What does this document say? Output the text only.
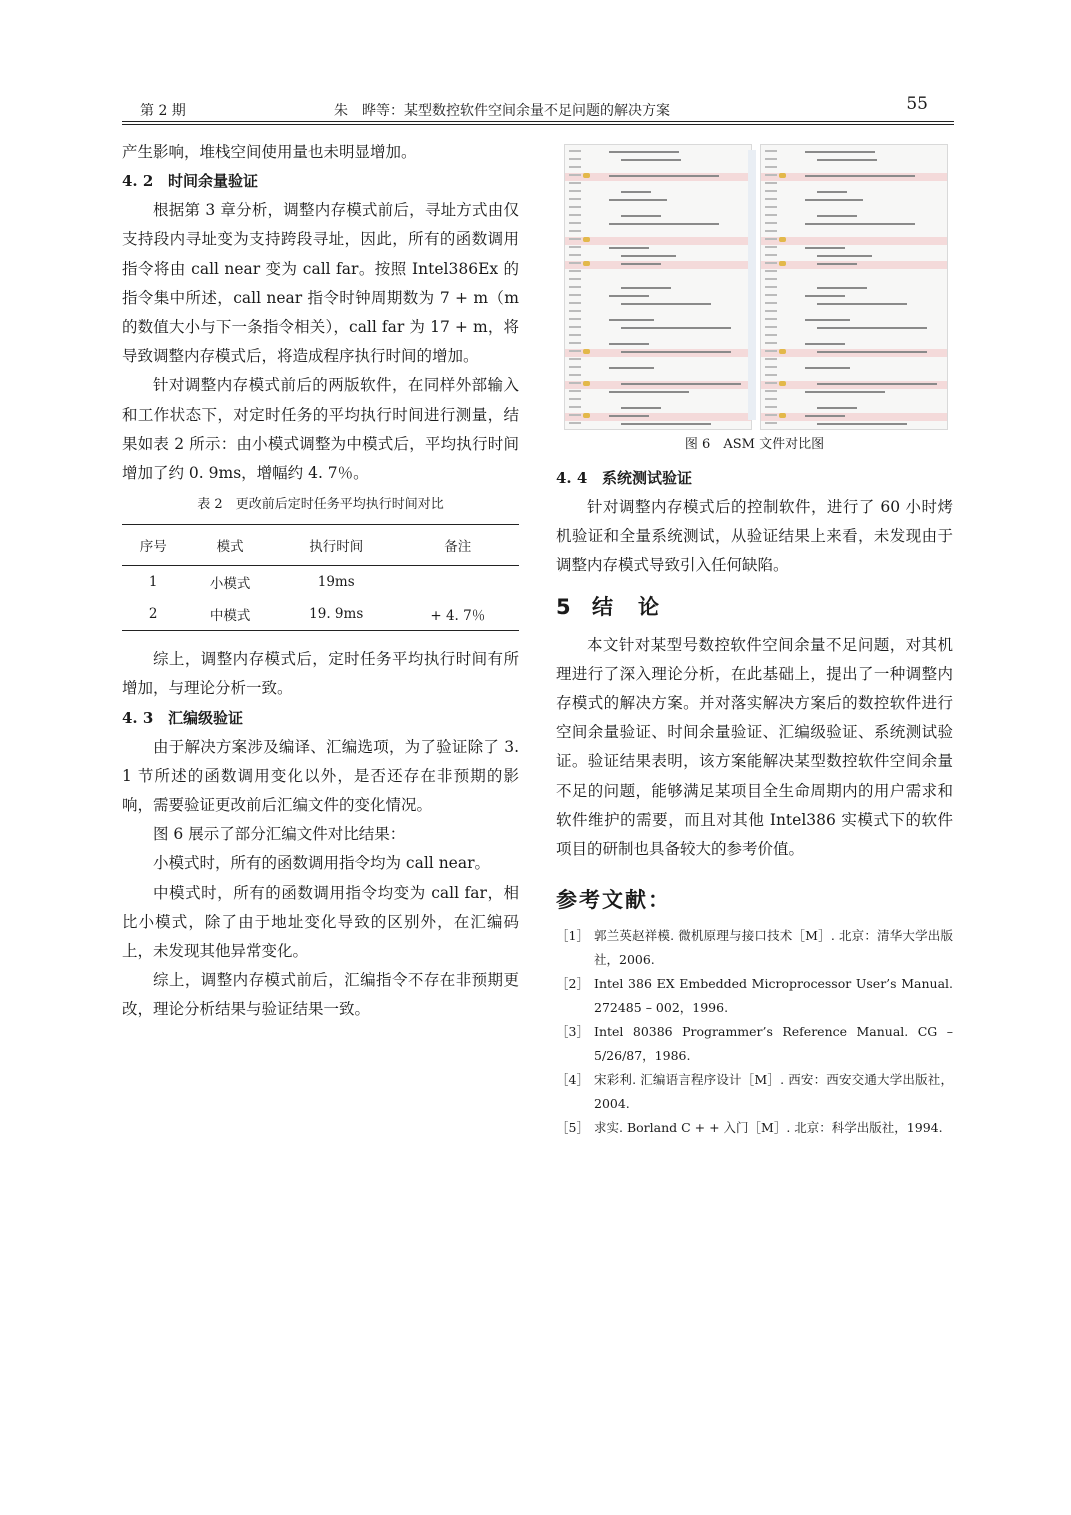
第 2 期	朱　晔等：某型数控软件空间余量不足问题的解决方案	55

产生影响，堆栈空间使用量也未明显增加。

4. 2 时间余量验证

根据第 3 章分析，调整内存模式前后，寻址方式由仅支持段内寻址变为支持跨段寻址，因此，所有的函数调用指令将由 call near 变为 call far。按照 Intel386Ex 的指令集中所述，call near 指令时钟周期数为 7 + m（m 的数值大小与下一条指令相关），call far 为 17 + m，将导致调整内存模式后，将造成程序执行时间的增加。

针对调整内存模式前后的两版软件，在同样外部输入和工作状态下，对定时任务的平均执行时间进行测量，结果如表 2 所示：由小模式调整为中模式后，平均执行时间增加了约 0. 9ms，增幅约 4. 7％。

表 2　更改前后定时任务平均执行时间对比
序号	模式	执行时间	备注
1	小模式	19ms	
2	中模式	19. 9ms	+ 4. 7％

综上，调整内存模式后，定时任务平均执行时间有所增加，与理论分析一致。

4. 3 汇编级验证

由于解决方案涉及编译、汇编选项，为了验证除了 3. 1 节所述的函数调用变化以外，是否还存在非预期的影响，需要验证更改前后汇编文件的变化情况。

图 6 展示了部分汇编文件对比结果：

小模式时，所有的函数调用指令均为 call near。

中模式时，所有的函数调用指令均变为 call far，相比小模式，除了由于地址变化导致的区别外，在汇编码上，未发现其他异常变化。

综上，调整内存模式前后，汇编指令不存在非预期更改，理论分析结果与验证结果一致。

图 6　ASM 文件对比图
4. 4 系统测试验证

针对调整内存模式后的控制软件，进行了 60 小时烤机验证和全量系统测试，从验证结果上来看，未发现由于调整内存模式导致引入任何缺陷。

5 结　论

本文针对某型号数控软件空间余量不足问题，对其机理进行了深入理论分析，在此基础上，提出了一种调整内存模式的解决方案。并对落实解决方案后的数控软件进行空间余量验证、时间余量验证、汇编级验证、系统测试验证。验证结果表明，该方案能解决某型数控软件空间余量不足的问题，能够满足某项目全生命周期内的用户需求和软件维护的需要，而且对其他 Intel386 实模式下的软件项目的研制也具备较大的参考价值。

参考文献：
［1］ 郭兰英赵祥模. 微机原理与接口技术［M］. 北京：清华大学出版社，2006.
［2］ Intel 386 EX Embedded Microprocessor User’s Manual. 272485 – 002，1996.
［3］ Intel 80386 Programmer’s Reference Manual. CG – 5/26/87，1986.
［4］ 宋彩利. 汇编语言程序设计［M］. 西安：西安交通大学出版社，2004.
［5］ 求实. Borland C + + 入门［M］. 北京：科学出版社，1994.
